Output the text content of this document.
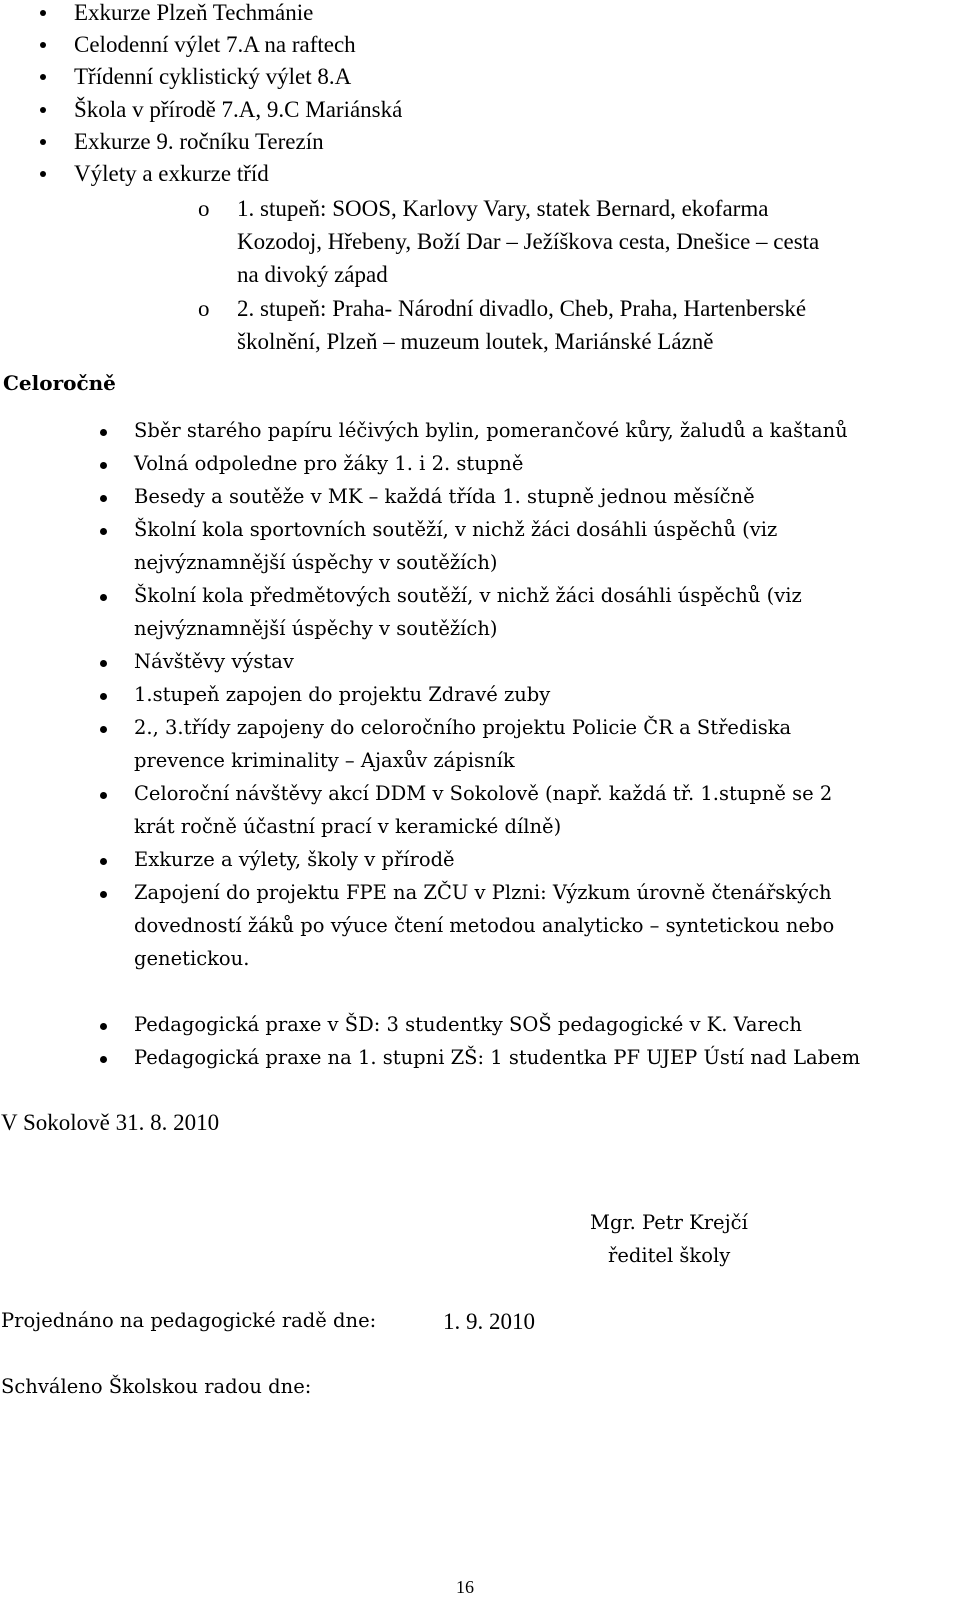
Exkurze Plzeň Techmánie
Celodenní výlet 7.A na raftech
Třídenní cyklistický výlet 8.A
Škola v přírodě 7.A, 9.C Mariánská
Exkurze 9. ročníku Terezín
Výlety a exkurze tříd
o 1. stupeň: SOOS, Karlovy Vary, statek Bernard, ekofarma
Kozodoj, Hřebeny, Boží Dar – Ježíškova cesta, Dnešice – cesta
na divoký západ
o 2. stupeň: Praha- Národní divadlo, Cheb, Praha, Hartenberské
školnění, Plzeň – muzeum loutek, Mariánské Lázně
Celoročně
Sběr starého papíru léčivých bylin, pomerančové kůry, žaludů a kaštanů
Volná odpoledne pro žáky 1. i 2. stupně
Besedy a soutěže v MK – každá třída 1. stupně jednou měsíčně
Školní kola sportovních soutěží, v nichž žáci dosáhli úspěchů (viz
nejvýznamnější úspěchy v soutěžích)
Školní kola předmětových soutěží, v nichž žáci dosáhli úspěchů (viz
nejvýznamnější úspěchy v soutěžích)
Návštěvy výstav
1.stupeň zapojen do projektu Zdravé zuby
2., 3.třídy zapojeny do celoročního projektu Policie ČR a Střediska
prevence kriminality – Ajaxův zápisník
Celoroční návštěvy akcí DDM v Sokolově (např. každá tř. 1.stupně se 2
krát ročně účastní prací v keramické dílně)
Exkurze a výlety, školy v přírodě
Zapojení do projektu FPE na ZČU v Plzni: Výzkum úrovně čtenářských
dovedností žáků po výuce čtení metodou analyticko – syntetickou nebo
genetickou.
Pedagogická praxe v ŠD: 3 studentky SOŠ pedagogické v K. Varech
Pedagogická praxe na 1. stupni ZŠ: 1 studentka PF UJEP Ústí nad Labem
V Sokolově 31. 8. 2010
Mgr. Petr Krejčí
ředitel školy
Projednáno na pedagogické radě dne:	1. 9. 2010
Schváleno Školskou radou dne:
16
